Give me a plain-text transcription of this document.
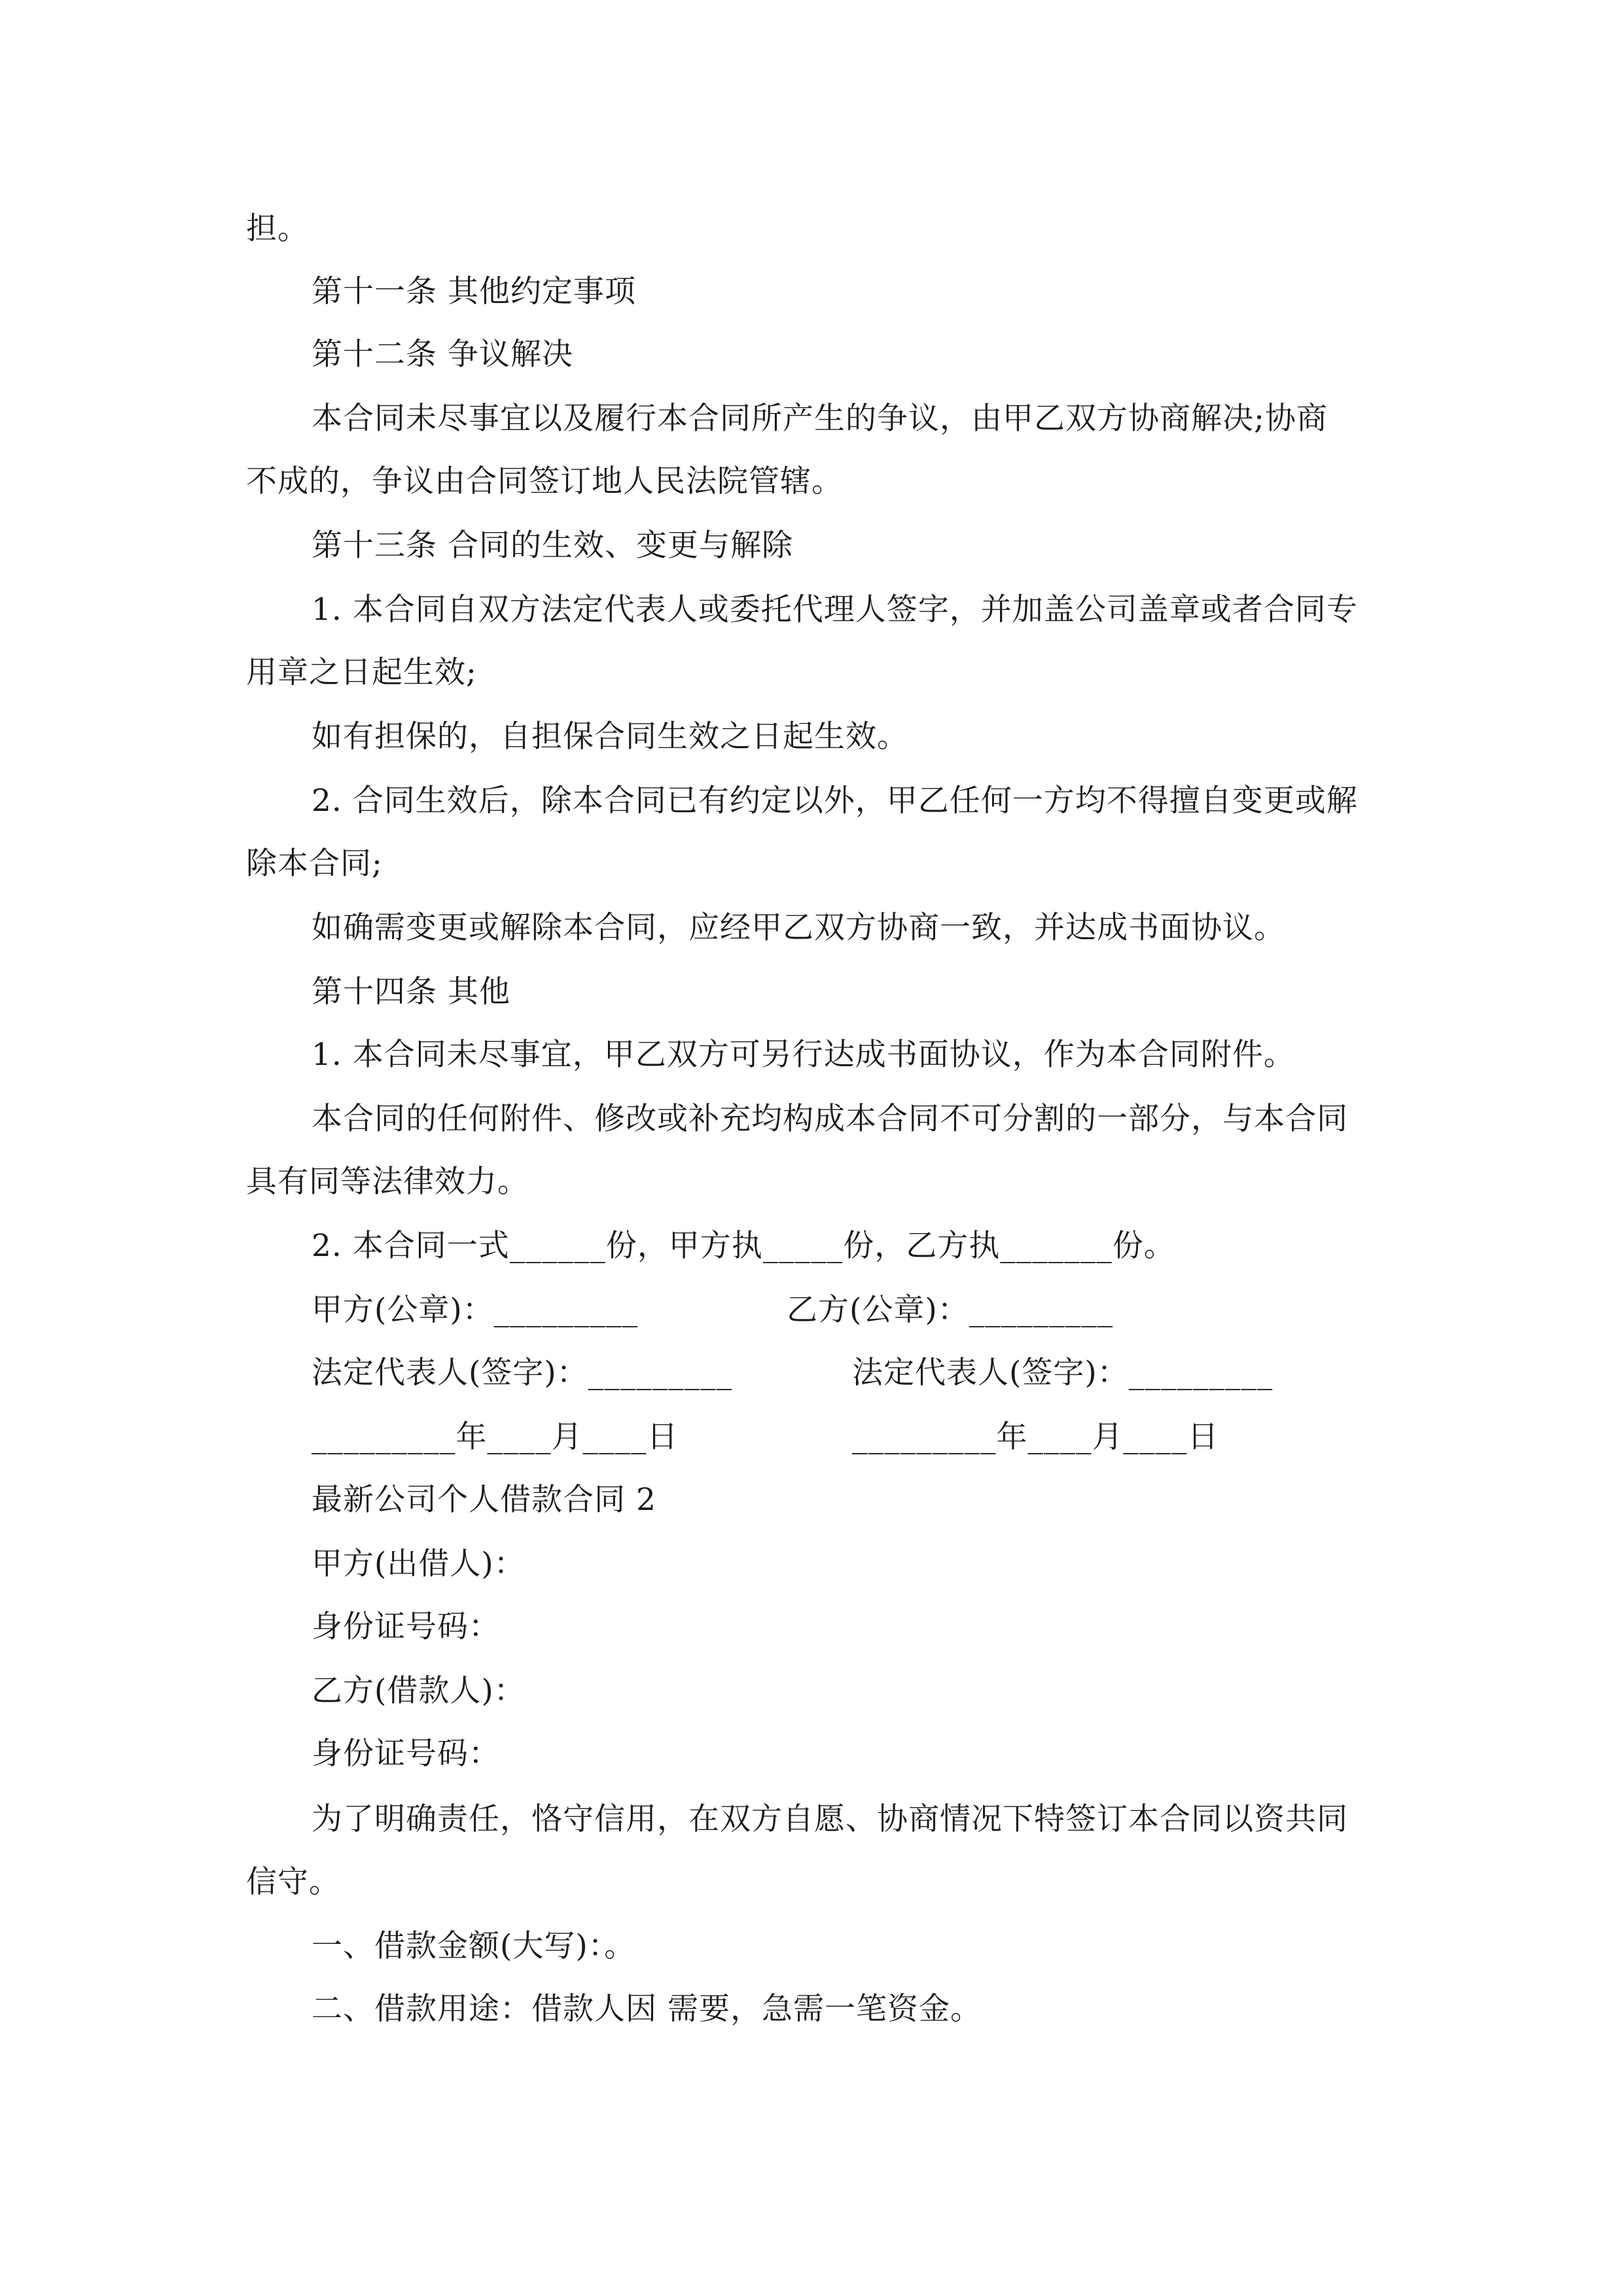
担。
第十一条 其他约定事项
第十二条 争议解决
本合同未尽事宜以及履行本合同所产生的争议，由甲乙双方协商解决;协商
不成的，争议由合同签订地人民法院管辖。
第十三条 合同的生效、变更与解除
1. 本合同自双方法定代表人或委托代理人签字，并加盖公司盖章或者合同专
用章之日起生效;
如有担保的，自担保合同生效之日起生效。
2. 合同生效后，除本合同已有约定以外，甲乙任何一方均不得擅自变更或解
除本合同;
如确需变更或解除本合同，应经甲乙双方协商一致，并达成书面协议。
第十四条 其他
1. 本合同未尽事宜，甲乙双方可另行达成书面协议，作为本合同附件。
本合同的任何附件、修改或补充均构成本合同不可分割的一部分，与本合同
具有同等法律效力。
2. 本合同一式______份，甲方执_____份，乙方执_______份。
甲方(公章)：_________	乙方(公章)：_________
法定代表人(签字)：_________	法定代表人(签字)：_________
_________年____月____日	_________年____月____日
最新公司个人借款合同 2
甲方(出借人)：
身份证号码：
乙方(借款人)：
身份证号码：
为了明确责任，恪守信用，在双方自愿、协商情况下特签订本合同以资共同
信守。
一、借款金额(大写)：。
二、借款用途：借款人因 需要，急需一笔资金。
